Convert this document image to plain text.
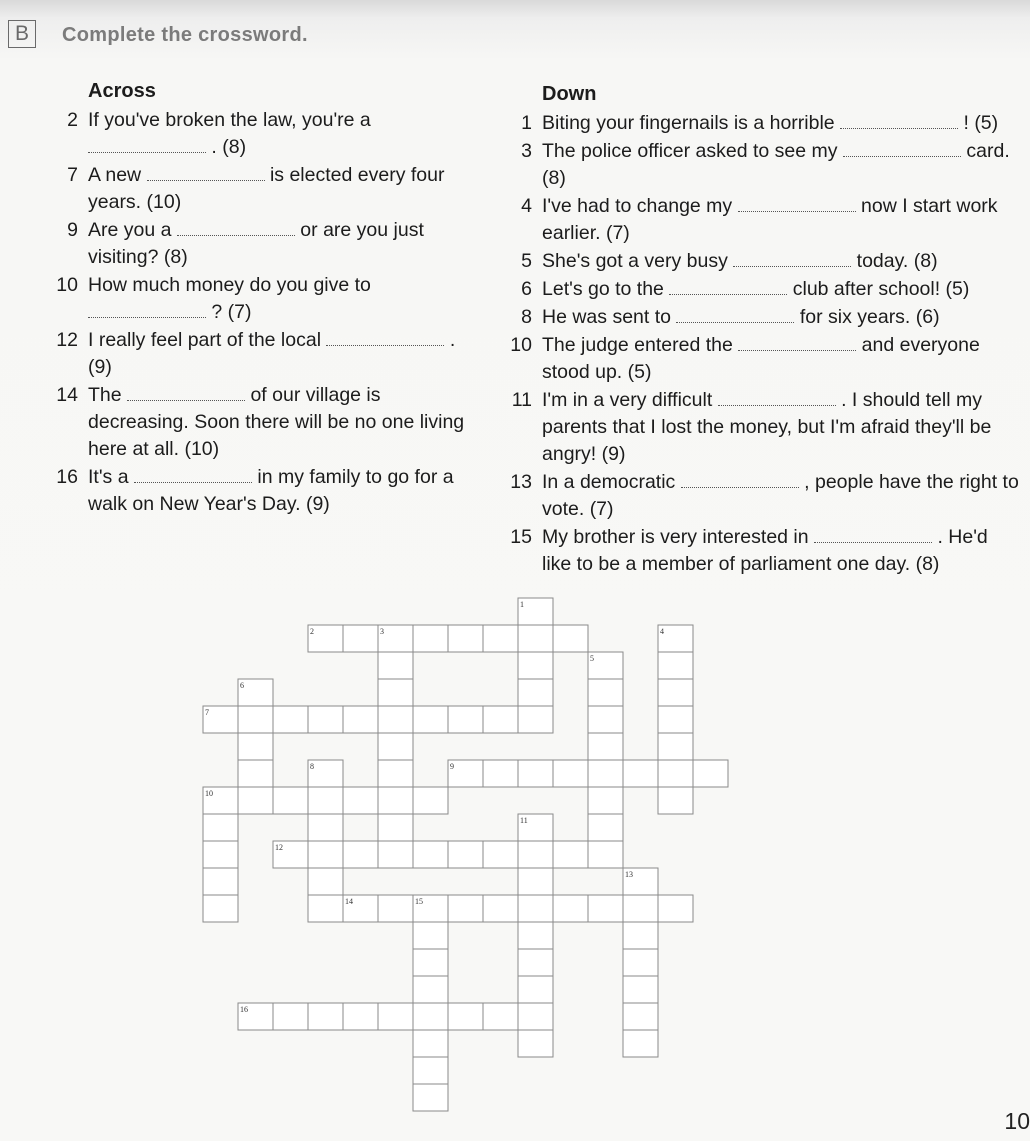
B	Complete the crossword.
Across
2 If you've broken the law, you're a  . (8)
7 A new	is elected every four years. (10)
9 Are you a	or are you just visiting? (8)
10 How much money do you give to  ? (7)
12 I really feel part of the local	. (9)
14 The	of our village is decreasing. Soon there will be no one living here at all. (10)
16 It's a	in my family to go for a walk on New Year's Day. (9)
Down
1 Biting your fingernails is a horrible	! (5)
3 The police officer asked to see my	card. (8)
4 I've had to change my	now I start work earlier. (7)
5 She's got a very busy	today. (8)
6 Let's go to the	club after school! (5)
8 He was sent to	for six years. (6)
10 The judge entered the	and everyone stood up. (5)
11 I'm in a very difficult	. I should tell my parents that I lost the money, but I'm afraid they'll be angry! (9)
13 In a democratic	, people have the right to vote. (7)
15 My brother is very interested in	. He'd like to be a member of parliament one day. (8)
1
2	3	4
5
6
7
8	9
10
11
12
13
14	15
16
10
